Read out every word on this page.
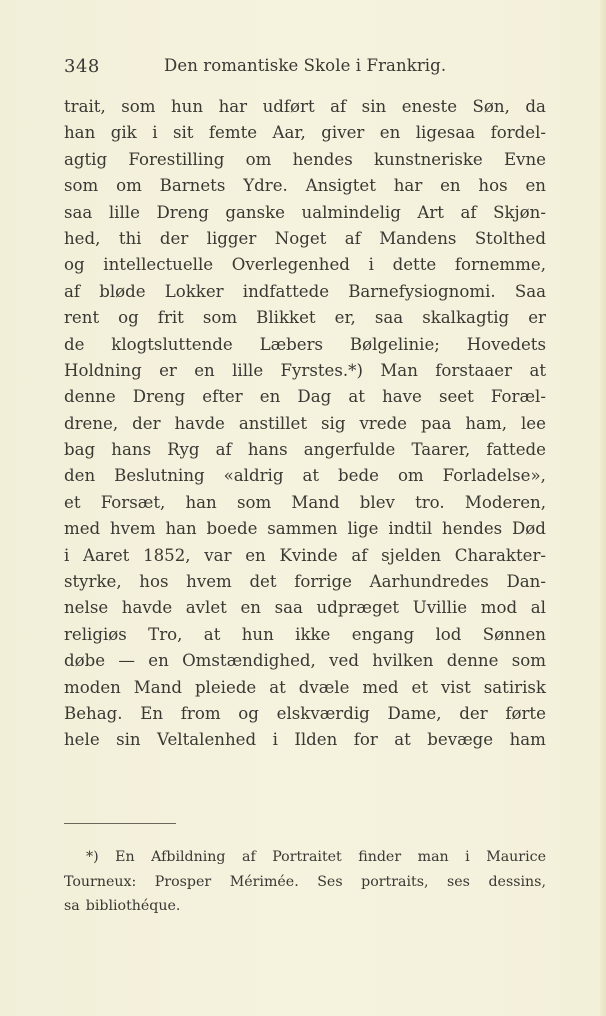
348	Den romantiske Skole i Frankrig.
trait, som hun har udført af sin eneste Søn, da
han gik i sit femte Aar, giver en ligesaa fordel-
agtig Forestilling om hendes kunstneriske Evne
som om Barnets Ydre. Ansigtet har en hos en
saa lille Dreng ganske ualmindelig Art af Skjøn-
hed, thi der ligger Noget af Mandens Stolthed
og intellectuelle Overlegenhed i dette fornemme,
af bløde Lokker indfattede Barnefysiognomi. Saa
rent og frit som Blikket er, saa skalkagtig er
de klogtsluttende Læbers Bølgelinie; Hovedets
Holdning er en lille Fyrstes.*) Man forstaaer at
denne Dreng efter en Dag at have seet Foræl-
drene, der havde anstillet sig vrede paa ham, lee
bag hans Ryg af hans angerfulde Taarer, fattede
den Beslutning «aldrig at bede om Forladelse»,
et Forsæt, han som Mand blev tro. Moderen,
med hvem han boede sammen lige indtil hendes Død
i Aaret 1852, var en Kvinde af sjelden Charakter-
styrke, hos hvem det forrige Aarhundredes Dan-
nelse havde avlet en saa udpræget Uvillie mod al
religiøs Tro, at hun ikke engang lod Sønnen
døbe — en Omstændighed, ved hvilken denne som
moden Mand pleiede at dvæle med et vist satirisk
Behag. En from og elskværdig Dame, der førte
hele sin Veltalenhed i Ilden for at bevæge ham
*) En Afbildning af Portraitet finder man i Maurice
Tourneux: Prosper Mérimée. Ses portraits, ses dessins,
sa bibliothéque.
